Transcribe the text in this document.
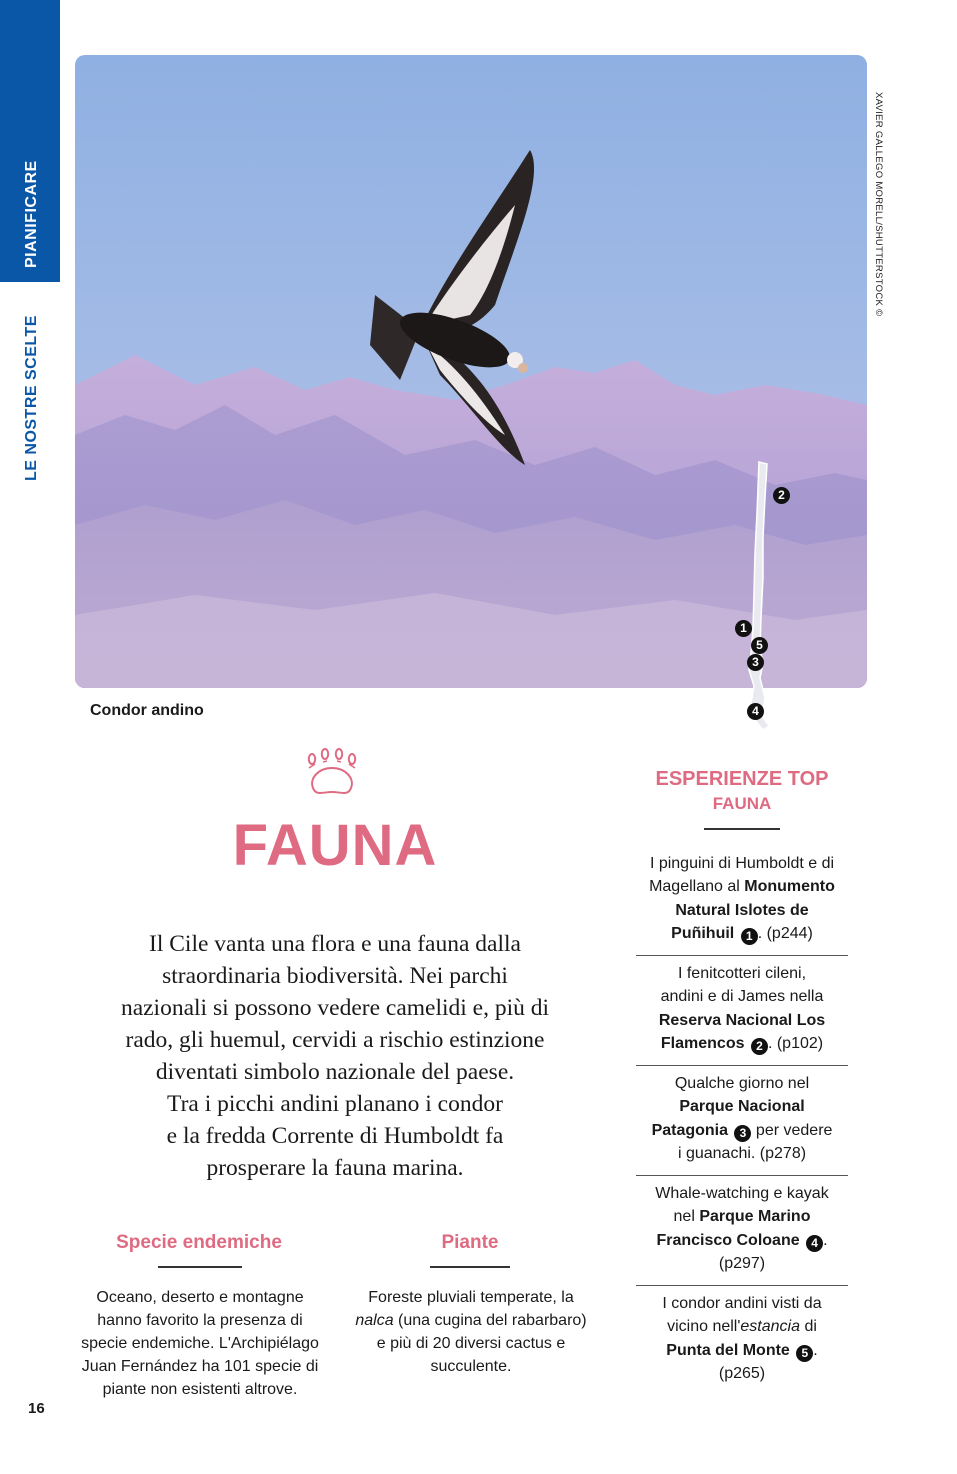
PIANIFICARE
LE NOSTRE SCELTE
XAVIER GALLEGO MORELL/SHUTTERSTOCK ©
Condor andino
2
1
5
3
4
FAUNA
Il Cile vanta una flora e una fauna dalla
straordinaria biodiversità. Nei parchi
nazionali si possono vedere camelidi e, più di
rado, gli huemul, cervidi a rischio estinzione
diventati simbolo nazionale del paese.
Tra i picchi andini planano i condor
e la fredda Corrente di Humboldt fa
prosperare la fauna marina.
Specie endemiche
Oceano, deserto e montagne
hanno favorito la presenza di
specie endemiche. L'Archipiélago
Juan Fernández ha 101 specie di
piante non esistenti altrove.
Piante
Foreste pluviali temperate, la
nalca (una cugina del rabarbaro)
e più di 20 diversi cactus e
succulente.
ESPERIENZE TOP
FAUNA
I pinguini di Humboldt e di
Magellano al Monumento
Natural Islotes de
Puñihuil 1 . (p244)
I fenitcotteri cileni,
andini e di James nella
Reserva Nacional Los
Flamencos 2 . (p102)
Qualche giorno nel
Parque Nacional
Patagonia 3 per vedere
i guanachi. (p278)
Whale-watching e kayak
nel Parque Marino
Francisco Coloane 4 .
(p297)
I condor andini visti da
vicino nell'estancia di
Punta del Monte 5 .
(p265)
16
